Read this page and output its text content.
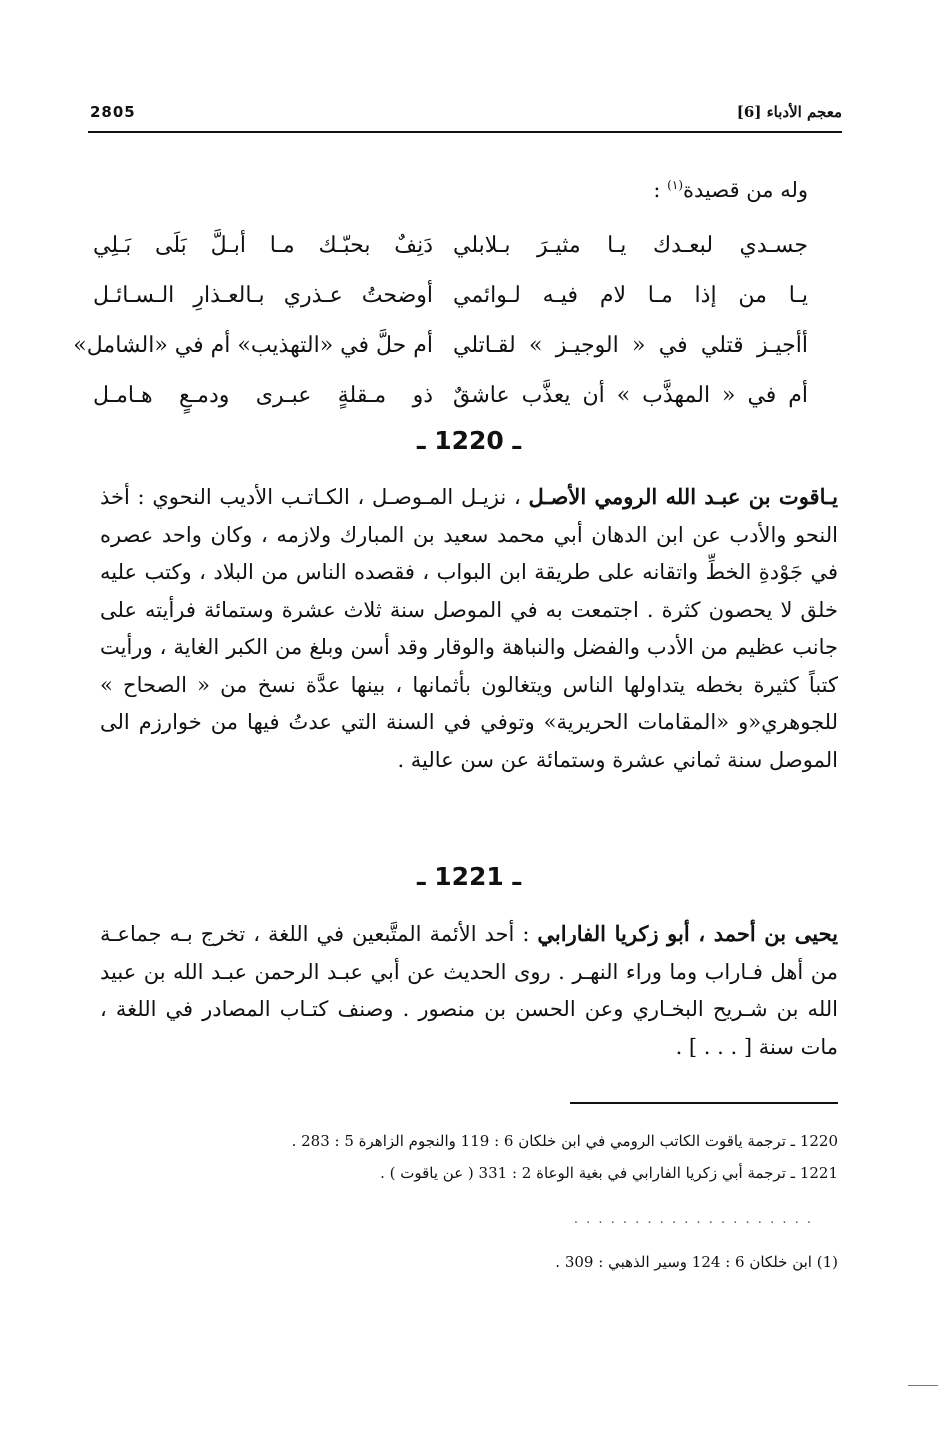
معجم الأدباء [6]
2805
وله من قصيدة$^{(١)}$ :
جسـدي لبعـدك يـا مثيـرَ بـلابلي
يـا من إذا مـا لام فيـه لـوائمي
أأجيـز قتلي في « الوجيـز » لقـاتلي
أم في « المهذَّب » أن يعذَّب عاشقٌ
دَنِفٌ بحبّـك مـا أبـلَّ بَلَى بَـلِي
أوضحتُ عـذري بـالعـذارِ الـسـائـل
أم حلَّ في «التهذيب» أم في «الشامل»
ذو مـقلةٍ عبـرى ودمـعٍ هـامـل
ـ 1220 ـ
يـاقوت بن عبـد الله الرومي الأصـل ، نزيـل المـوصـل ، الكـاتـب الأديب النحوي : أخذ النحو والأدب عن ابن الدهان أبي محمد سعيد بن المبارك ولازمه ، وكان واحد عصره في جَوْدةِ الخطِّ واتقانه على طريقة ابن البواب ، فقصده الناس من البلاد ، وكتب عليه خلق لا يحصون كثرة . اجتمعت به في الموصل سنة ثلاث عشرة وستمائة فرأيته على جانب عظيم من الأدب والفضل والنباهة والوقار وقد أسن وبلغ من الكبر الغاية ، ورأيت كتباً كثيرة بخطه يتداولها الناس ويتغالون بأثمانها ، بينها عدَّة نسخ من « الصحاح » للجوهري«و «المقامات الحريرية» وتوفي في السنة التي عدتُ فيها من خوارزم الى الموصل سنة ثماني عشرة وستمائة عن سن عالية .
ـ 1221 ـ
يحيى بن أحمد ، أبو زكريا الفارابي : أحد الأئمة المتَّبعين في اللغة ، تخرج بـه جماعـة من أهل فـاراب وما وراء النهـر . روى الحديث عن أبي عبـد الرحمن عبـد الله بن عبيد الله بن شـريح البخـاري وعن الحسن بن منصور . وصنف كتـاب المصادر في اللغة ، مات سنة [ . . . ] .
1220 ـ ترجمة ياقوت الكاتب الرومي في ابن خلكان 6 : 119 والنجوم الزاهرة 5 : 283 .
1221 ـ ترجمة أبي زكريا الفارابي في بغية الوعاة 2 : 331 ( عن ياقوت ) .
. . . . . . . . . . . . . . . . . . . .
(1) ابن خلكان 6 : 124 وسير الذهبي : 309 .
